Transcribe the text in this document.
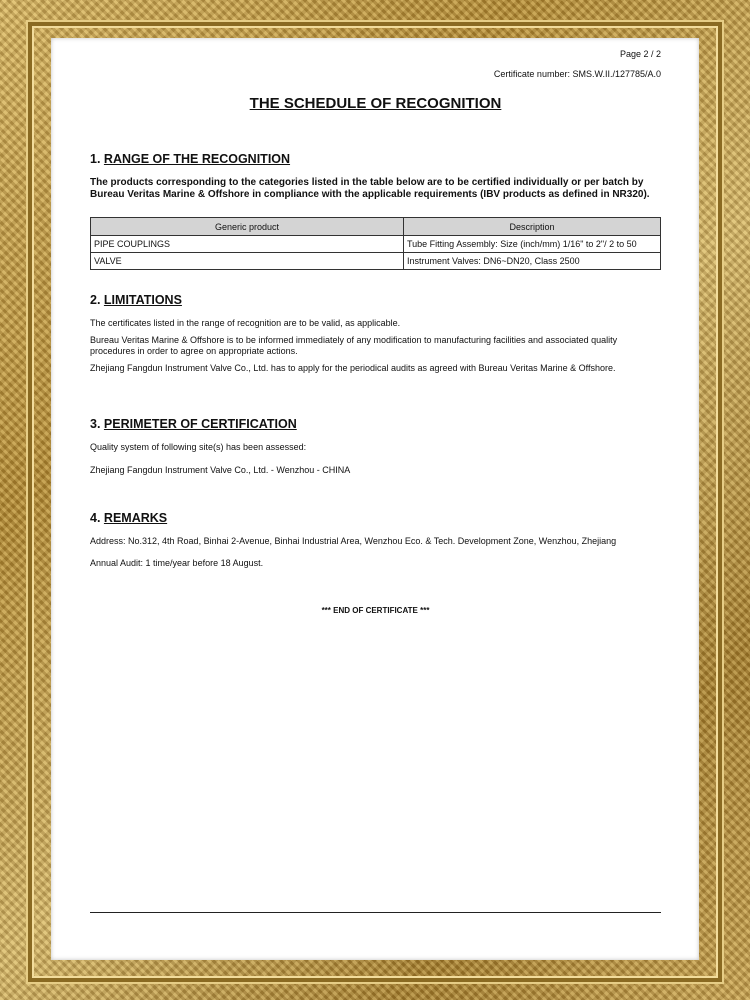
Page 2 / 2
Certificate number: SMS.W.II./127785/A.0
THE SCHEDULE OF RECOGNITION
1. RANGE OF THE RECOGNITION
The products corresponding to the categories listed in the table below are to be certified individually or per batch by Bureau Veritas Marine & Offshore in compliance with the applicable requirements (IBV products as defined in NR320).
Generic product	Description
PIPE COUPLINGS	Tube Fitting Assembly: Size (inch/mm) 1/16" to 2"/ 2 to 50
VALVE	Instrument Valves: DN6~DN20, Class 2500
2. LIMITATIONS
The certificates listed in the range of recognition are to be valid, as applicable.
Bureau Veritas Marine & Offshore is to be informed immediately of any modification to manufacturing facilities and associated quality procedures in order to agree on appropriate actions.
Zhejiang Fangdun Instrument Valve Co., Ltd. has to apply for the periodical audits as agreed with Bureau Veritas Marine & Offshore.
3. PERIMETER OF CERTIFICATION
Quality system of following site(s) has been assessed:
Zhejiang Fangdun Instrument Valve Co., Ltd. - Wenzhou - CHINA
4. REMARKS
Address: No.312, 4th Road, Binhai 2-Avenue, Binhai Industrial Area, Wenzhou Eco. & Tech. Development Zone, Wenzhou, Zhejiang
Annual Audit: 1 time/year before 18 August.
*** END OF CERTIFICATE ***
